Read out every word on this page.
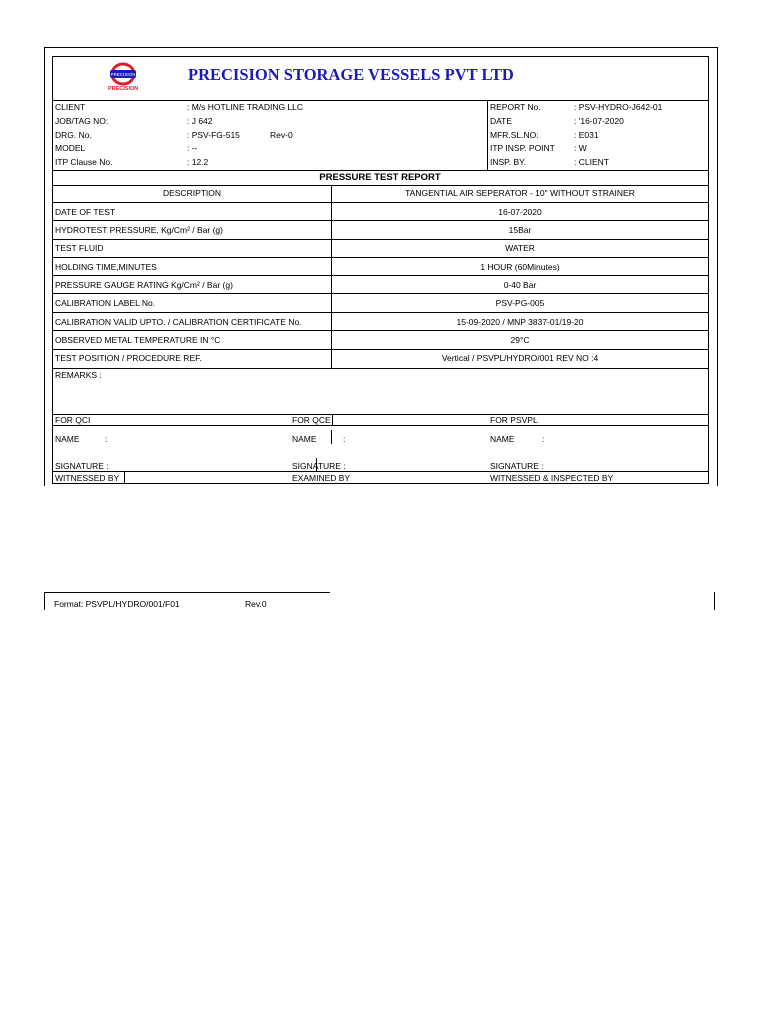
PRECISION
PRECISION
PRECISION STORAGE VESSELS PVT LTD
CLIENT	: M/s HOTLINE TRADING LLC
JOB/TAG NO:	: J 642
DRG. No.	: PSV-FG-515	Rev-0
MODEL	: --
ITP Clause No.	: 12.2
REPORT No.	: PSV-HYDRO-J642-01
DATE	: '16-07-2020
MFR.SL.NO:	: E031
ITP INSP. POINT : W
INSP. BY.	: CLIENT
PRESSURE TEST REPORT
DESCRIPTION	TANGENTIAL AIR SEPERATOR - 10" WITHOUT STRAINER
DATE OF TEST	16-07-2020
HYDROTEST PRESSURE. Kg/Cm² / Bar (g)	15Bar
TEST FLUID	WATER
HOLDING TIME,MINUTES	1 HOUR (60Minutes)
PRESSURE GAUGE RATING Kg/Cm² / Bar (g)	0-40 Bar
CALIBRATION LABEL No.	PSV-PG-005
CALIBRATION VALID UPTO. / CALIBRATION CERTIFICATE No.	15-09-2020 / MNP 3837-01/19-20
OBSERVED METAL TEMPERATURE IN °C	29°C
TEST POSITION / PROCEDURE REF.	Vertical / PSVPL/HYDRO/001 REV NO :4
REMARKS :
FOR QCI	FOR QCE	FOR PSVPL
NAME	:	NAME	:	NAME	:
SIGNATURE :	SIGNATURE :	SIGNATURE :
WITNESSED BY	EXAMINED BY	WITNESSED & INSPECTED BY
Format: PSVPL/HYDRO/001/F01	Rev.0
